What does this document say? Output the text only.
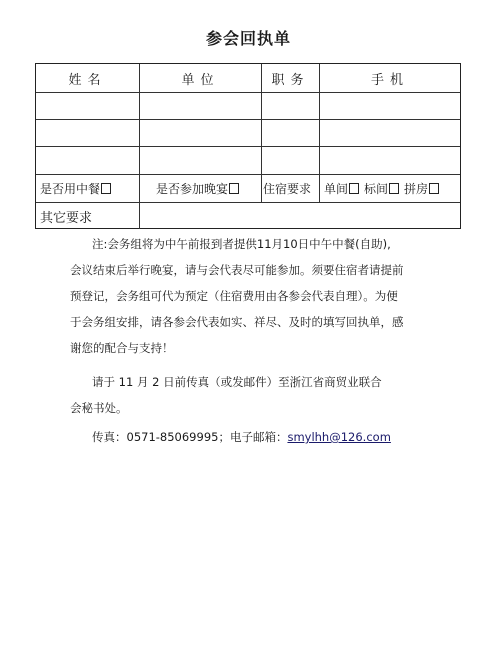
参会回执单
姓名	单位	职务	手机
是否用中餐	是否参加晚宴	住宿要求	单间 标间 拼房
其它要求
注:会务组将为中午前报到者提供11月10日中午中餐(自助),
会议结束后举行晚宴，请与会代表尽可能参加。须要住宿者请提前
预登记，会务组可代为预定（住宿费用由各参会代表自理）。为便
于会务组安排，请各参会代表如实、祥尽、及时的填写回执单，感
谢您的配合与支持！
请于 11 月 2 日前传真（或发邮件）至浙江省商贸业联合
会秘书处。
传真：0571-85069995；电子邮箱：smylhh@126.com
